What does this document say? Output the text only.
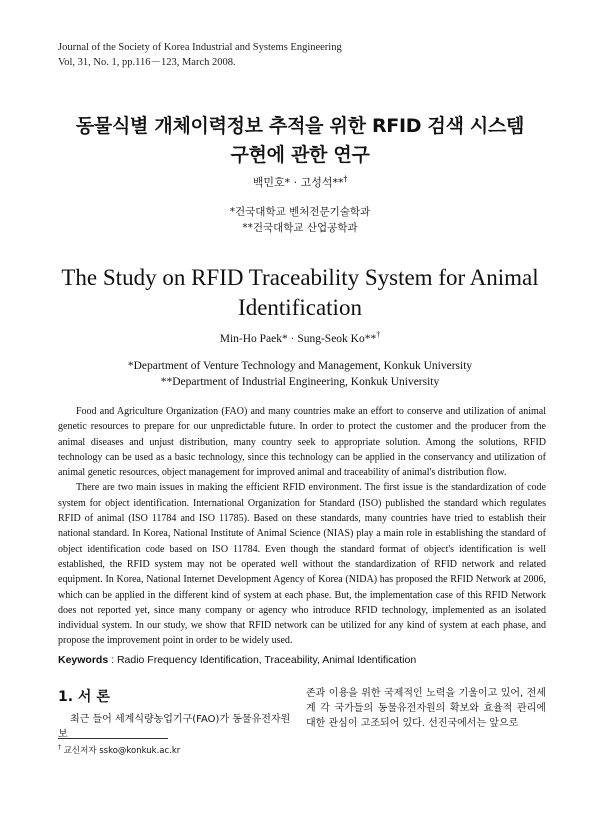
Journal of the Society of Korea Industrial and Systems Engineering
Vol, 31, No. 1, pp.116－123, March 2008.
동물식별 개체이력정보 추적을 위한 RFID 검색 시스템
구현에 관한 연구
백민호* · 고성석**†
*건국대학교 벤처전문기술학과
**건국대학교 산업공학과
The Study on RFID Traceability System for Animal
Identification
Min-Ho Paek* · Sung-Seok Ko**†
*Department of Venture Technology and Management, Konkuk University
**Department of Industrial Engineering, Konkuk University

Food and Agriculture Organization (FAO) and many countries make an effort to conserve and utilization of animal genetic resources to prepare for our unpredictable future. In order to protect the customer and the producer from the animal diseases and unjust distribution, many country seek to appropriate solution. Among the solutions, RFID technology can be used as a basic technology, since this technology can be applied in the conservancy and utilization of animal genetic resources, object management for improved animal and traceability of animal's distribution flow.

There are two main issues in making the efficient RFID environment. The first issue is the standardization of code system for object identification. International Organization for Standard (ISO) published the standard which regulates RFID of animal (ISO 11784 and ISO 11785). Based on these standards, many countries have tried to establish their national standard. In Korea, National Institute of Animal Science (NIAS) play a main role in establishing the standard of object identification code based on ISO 11784. Even though the standard format of object's identification is well established, the RFID system may not be operated well without the standardization of RFID network and related equipment. In Korea, National Internet Development Agency of Korea (NIDA) has proposed the RFID Network at 2006, which can be applied in the different kind of system at each phase. But, the implementation case of this RFID Network does not reported yet, since many company or agency who introduce RFID technology, implemented as an isolated individual system. In our study, we show that RFID network can be utilized for any kind of system at each phase, and propose the improvement point in order to be widely used.

Keywords : Radio Frequency Identification, Traceability, Animal Identification
1. 서 론
최근 들어 세계식량농업기구(FAO)가 동물유전자원보
존과 이용을 위한 국제적인 노력을 기울이고 있어, 전세계 각 국가들의 동물유전자원의 확보와 효율적 관리에 대한 관심이 고조되어 있다. 선진국에서는 앞으로
† 교신저자 ssko@konkuk.ac.kr
